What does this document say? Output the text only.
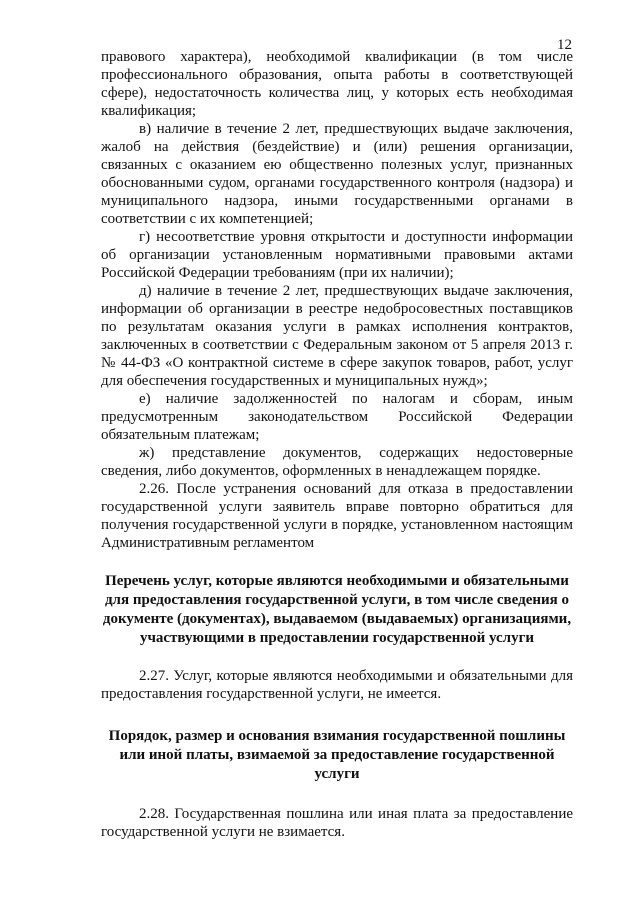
12

правового характера), необходимой квалификации (в том числе профессионального образования, опыта работы в соответствующей сфере), недостаточность количества лиц, у которых есть необходимая квалификация;

в) наличие в течение 2 лет, предшествующих выдаче заключения, жалоб на действия (бездействие) и (или) решения организации, связанных с оказанием ею общественно полезных услуг, признанных обоснованными судом, органами государственного контроля (надзора) и муниципального надзора, иными государственными органами в соответствии с их компетенцией;

г) несоответствие уровня открытости и доступности информации об организации установленным нормативными правовыми актами Российской Федерации требованиям (при их наличии);

д) наличие в течение 2 лет, предшествующих выдаче заключения, информации об организации в реестре недобросовестных поставщиков по результатам оказания услуги в рамках исполнения контрактов, заключенных в соответствии с Федеральным законом от 5 апреля 2013 г. № 44-ФЗ «О контрактной системе в сфере закупок товаров, работ, услуг для обеспечения государственных и муниципальных нужд»;

е) наличие задолженностей по налогам и сборам, иным предусмотренным законодательством Российской Федерации обязательным платежам;

ж) представление документов, содержащих недостоверные сведения, либо документов, оформленных в ненадлежащем порядке.

2.26. После устранения оснований для отказа в предоставлении государственной услуги заявитель вправе повторно обратиться для получения государственной услуги в порядке, установленном настоящим Административным регламентом

Перечень услуг, которые являются необходимыми и обязательными для предоставления государственной услуги, в том числе сведения о документе (документах), выдаваемом (выдаваемых) организациями, участвующими в предоставлении государственной услуги

2.27. Услуг, которые являются необходимыми и обязательными для предоставления государственной услуги, не имеется.

Порядок, размер и основания взимания государственной пошлины или иной платы, взимаемой за предоставление государственной услуги

2.28. Государственная пошлина или иная плата за предоставление государственной услуги не взимается.
